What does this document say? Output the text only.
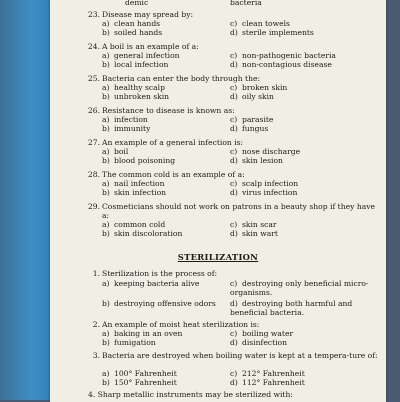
demic	bacteria
23. Disease may spread by:
a) clean hands	c) clean towels
b) soiled hands	d) sterile implements
24. A boil is an example of a:
a) general infection	c) non-pathogenic bacteria
b) local infection	d) non-contagious disease
25. Bacteria can enter the body through the:
a) healthy scalp	c) broken skin
b) unbroken skin	d) oily skin
26. Resistance to disease is known as:
a) infection	c) parasite
b) immunity	d) fungus
27. An example of a general infection is:
a) boil	c) nose discharge
b) blood poisoning	d) skin lesion
28. The common cold is an example of a:
a) nail infection	c) scalp infection
b) skin infection	d) virus infection
29. Cosmeticians should not work on patrons in a beauty shop if they have a:
a) common cold	c) skin scar
b) skin discoloration	d) skin wart
STERILIZATION
1. Sterilization is the process of:
a) keeping bacteria alive	c) destroying only beneficial micro-organisms.
b) destroying offensive odors d) destroying both harmful and beneficial bacteria.
2. An example of moist heat sterilization is:
a) baking in an oven	c) boiling water
b) fumigation	d) disinfection
3. Bacteria are destroyed when boiling water is kept at a tempera-ture of:
a) 100° Fahrenheit	c) 212° Fahrenheit
b) 150° Fahrenheit	d) 112° Fahrenheit
4. Sharp metallic instruments may be sterilized with:
